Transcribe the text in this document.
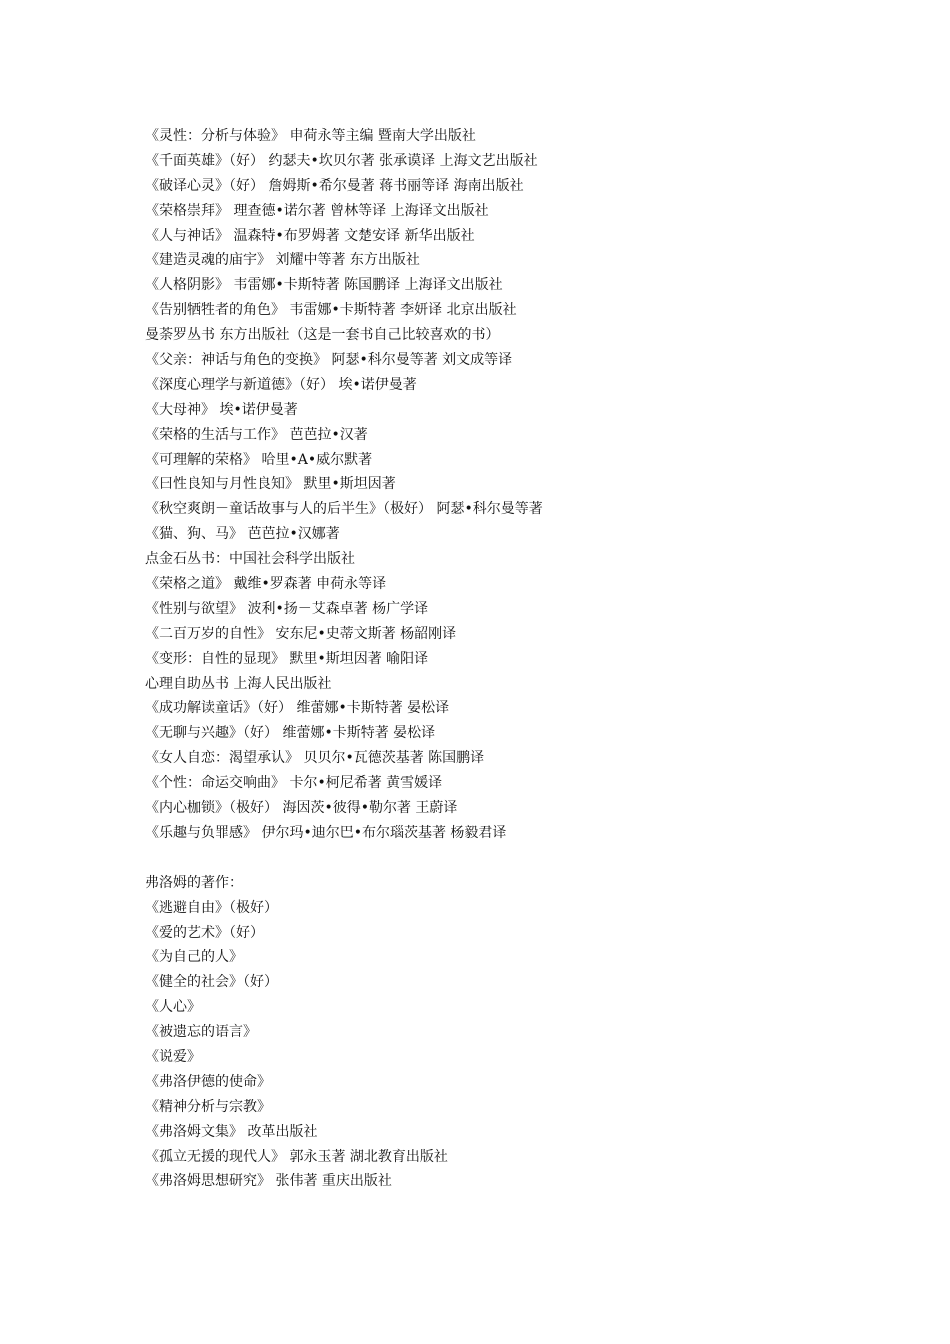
《灵性：分析与体验》 申荷永等主编 暨南大学出版社
《千面英雄》（好） 约瑟夫•坎贝尔著 张承谟译 上海文艺出版社
《破译心灵》（好） 詹姆斯•希尔曼著 蒋书丽等译 海南出版社
《荣格崇拜》 理查德•诺尔著 曾林等译 上海译文出版社
《人与神话》 温森特•布罗姆著 文楚安译 新华出版社
《建造灵魂的庙宇》 刘耀中等著 东方出版社
《人格阴影》 韦雷娜•卡斯特著 陈国鹏译 上海译文出版社
《告别牺牲者的角色》 韦雷娜•卡斯特著 李妍译 北京出版社
曼荼罗丛书 东方出版社（这是一套书自己比较喜欢的书）
《父亲：神话与角色的变换》 阿瑟•科尔曼等著 刘文成等译
《深度心理学与新道德》（好） 埃•诺伊曼著
《大母神》 埃•诺伊曼著
《荣格的生活与工作》 芭芭拉•汉著
《可理解的荣格》 哈里•A•威尔默著
《曰性良知与月性良知》 默里•斯坦因著
《秋空爽朗－童话故事与人的后半生》（极好） 阿瑟•科尔曼等著
《猫、狗、马》 芭芭拉•汉娜著
点金石丛书：中国社会科学出版社
《荣格之道》 戴维•罗森著 申荷永等译
《性别与欲望》 波利•扬－艾森卓著 杨广学译
《二百万岁的自性》 安东尼•史蒂文斯著 杨韶刚译
《变形：自性的显现》 默里•斯坦因著 喻阳译
心理自助丛书 上海人民出版社
《成功解读童话》（好） 维蕾娜•卡斯特著 晏松译
《无聊与兴趣》（好） 维蕾娜•卡斯特著 晏松译
《女人自恋：渴望承认》 贝贝尔•瓦德茨基著 陈国鹏译
《个性：命运交响曲》 卡尔•柯尼希著 黄雪媛译
《内心枷锁》（极好） 海因茨•彼得•勒尔著 王蔚译
《乐趣与负罪感》 伊尔玛•迪尔巴•布尔瑙茨基著 杨毅君译
弗洛姆的著作：
《逃避自由》（极好）
《爱的艺术》（好）
《为自己的人》
《健全的社会》（好）
《人心》
《被遗忘的语言》
《说爱》
《弗洛伊德的使命》
《精神分析与宗教》
《弗洛姆文集》 改革出版社
《孤立无援的现代人》 郭永玉著 湖北教育出版社
《弗洛姆思想研究》 张伟著 重庆出版社
